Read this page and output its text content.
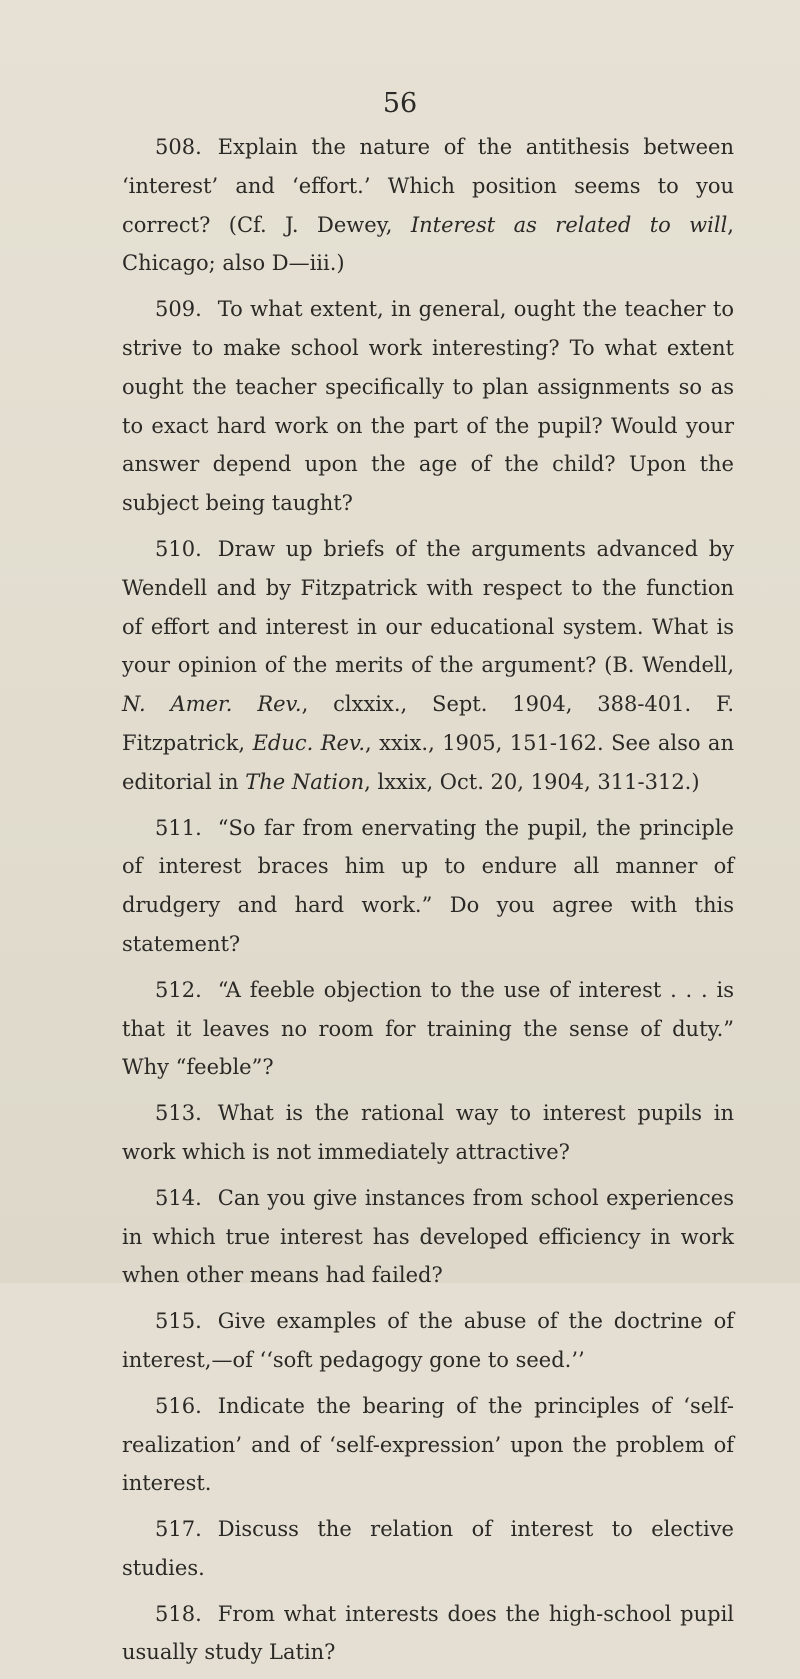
56

508. Explain the nature of the antithesis between ‘interest’ and ‘effort.’ Which position seems to you correct? (Cf. J. Dewey, Interest as related to will, Chicago; also D—iii.)

509. To what extent, in general, ought the teacher to strive to make school work interesting? To what extent ought the teacher specifically to plan assignments so as to exact hard work on the part of the pupil? Would your answer depend upon the age of the child? Upon the subject being taught?

510. Draw up briefs of the arguments advanced by Wendell and by Fitzpatrick with respect to the function of effort and interest in our educational system. What is your opinion of the merits of the argument? (B. Wendell, N. Amer. Rev., clxxix., Sept. 1904, 388-401. F. Fitzpatrick, Educ. Rev., xxix., 1905, 151-162. See also an editorial in The Nation, lxxix, Oct. 20, 1904, 311-312.)

511. “So far from enervating the pupil, the principle of interest braces him up to endure all manner of drudgery and hard work.” Do you agree with this statement?

512. “A feeble objection to the use of interest . . . is that it leaves no room for training the sense of duty.” Why “feeble”?

513. What is the rational way to interest pupils in work which is not immediately attractive?

514. Can you give instances from school experiences in which true interest has developed efficiency in work when other means had failed?

515. Give examples of the abuse of the doctrine of interest,—of ‘‘soft pedagogy gone to seed.’’

516. Indicate the bearing of the principles of ‘self-realization’ and of ‘self-expression’ upon the problem of interest.

517. Discuss the relation of interest to elective studies.

518. From what interests does the high-school pupil usually study Latin?
